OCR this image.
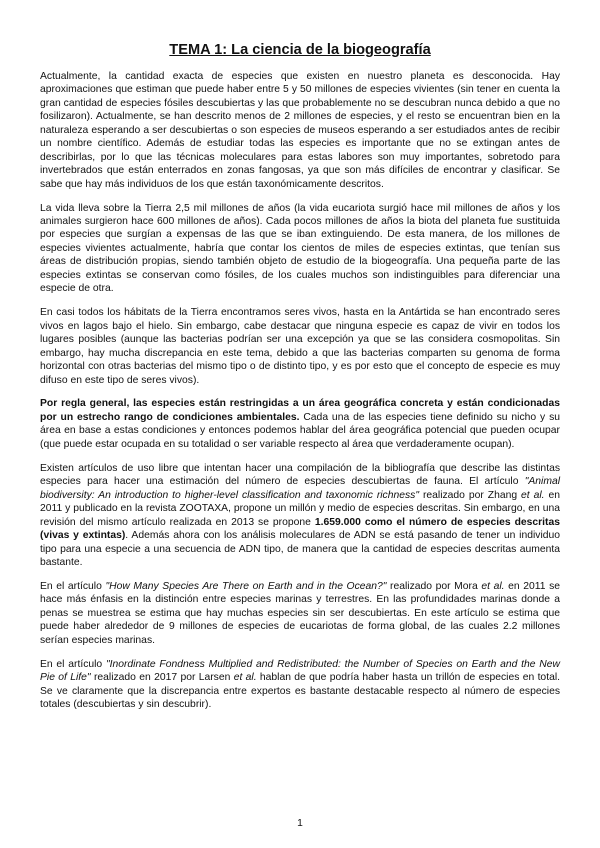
TEMA 1: La ciencia de la biogeografía

Actualmente, la cantidad exacta de especies que existen en nuestro planeta es desconocida. Hay aproximaciones que estiman que puede haber entre 5 y 50 millones de especies vivientes (sin tener en cuenta la gran cantidad de especies fósiles descubiertas y las que probablemente no se descubran nunca debido a que no fosilizaron). Actualmente, se han descrito menos de 2 millones de especies, y el resto se encuentran bien en la naturaleza esperando a ser descubiertas o son especies de museos esperando a ser estudiados antes de recibir un nombre científico. Además de estudiar todas las especies es importante que no se extingan antes de describirlas, por lo que las técnicas moleculares para estas labores son muy importantes, sobretodo para invertebrados que están enterrados en zonas fangosas, ya que son más difíciles de encontrar y clasificar. Se sabe que hay más individuos de los que están taxonómicamente descritos.

La vida lleva sobre la Tierra 2,5 mil millones de años (la vida eucariota surgió hace mil millones de años y los animales surgieron hace 600 millones de años). Cada pocos millones de años la biota del planeta fue sustituida por especies que surgían a expensas de las que se iban extinguiendo. De esta manera, de los millones de especies vivientes actualmente, habría que contar los cientos de miles de especies extintas, que tenían sus áreas de distribución propias, siendo también objeto de estudio de la biogeografía. Una pequeña parte de las especies extintas se conservan como fósiles, de los cuales muchos son indistinguibles para diferenciar una especie de otra.

En casi todos los hábitats de la Tierra encontramos seres vivos, hasta en la Antártida se han encontrado seres vivos en lagos bajo el hielo. Sin embargo, cabe destacar que ninguna especie es capaz de vivir en todos los lugares posibles (aunque las bacterias podrían ser una excepción ya que se las considera cosmopolitas. Sin embargo, hay mucha discrepancia en este tema, debido a que las bacterias comparten su genoma de forma horizontal con otras bacterias del mismo tipo o de distinto tipo, y es por esto que el concepto de especie es muy difuso en este tipo de seres vivos).

Por regla general, las especies están restringidas a un área geográfica concreta y están condicionadas por un estrecho rango de condiciones ambientales. Cada una de las especies tiene definido su nicho y su área en base a estas condiciones y entonces podemos hablar del área geográfica potencial que pueden ocupar (que puede estar ocupada en su totalidad o ser variable respecto al área que verdaderamente ocupan).

Existen artículos de uso libre que intentan hacer una compilación de la bibliografía que describe las distintas especies para hacer una estimación del número de especies descubiertas de fauna. El artículo "Animal biodiversity: An introduction to higher-level classification and taxonomic richness" realizado por Zhang et al. en 2011 y publicado en la revista ZOOTAXA, propone un millón y medio de especies descritas. Sin embargo, en una revisión del mismo artículo realizada en 2013 se propone 1.659.000 como el número de especies descritas (vivas y extintas). Además ahora con los análisis moleculares de ADN se está pasando de tener un individuo tipo para una especie a una secuencia de ADN tipo, de manera que la cantidad de especies descritas aumenta bastante.

En el artículo "How Many Species Are There on Earth and in the Ocean?" realizado por Mora et al. en 2011 se hace más énfasis en la distinción entre especies marinas y terrestres. En las profundidades marinas donde a penas se muestrea se estima que hay muchas especies sin ser descubiertas. En este artículo se estima que puede haber alrededor de 9 millones de especies de eucariotas de forma global, de las cuales 2.2 millones serían especies marinas.

En el artículo "Inordinate Fondness Multiplied and Redistributed: the Number of Species on Earth and the New Pie of Life" realizado en 2017 por Larsen et al. hablan de que podría haber hasta un trillón de especies en total. Se ve claramente que la discrepancia entre expertos es bastante destacable respecto al número de especies totales (descubiertas y sin descubrir).

1
